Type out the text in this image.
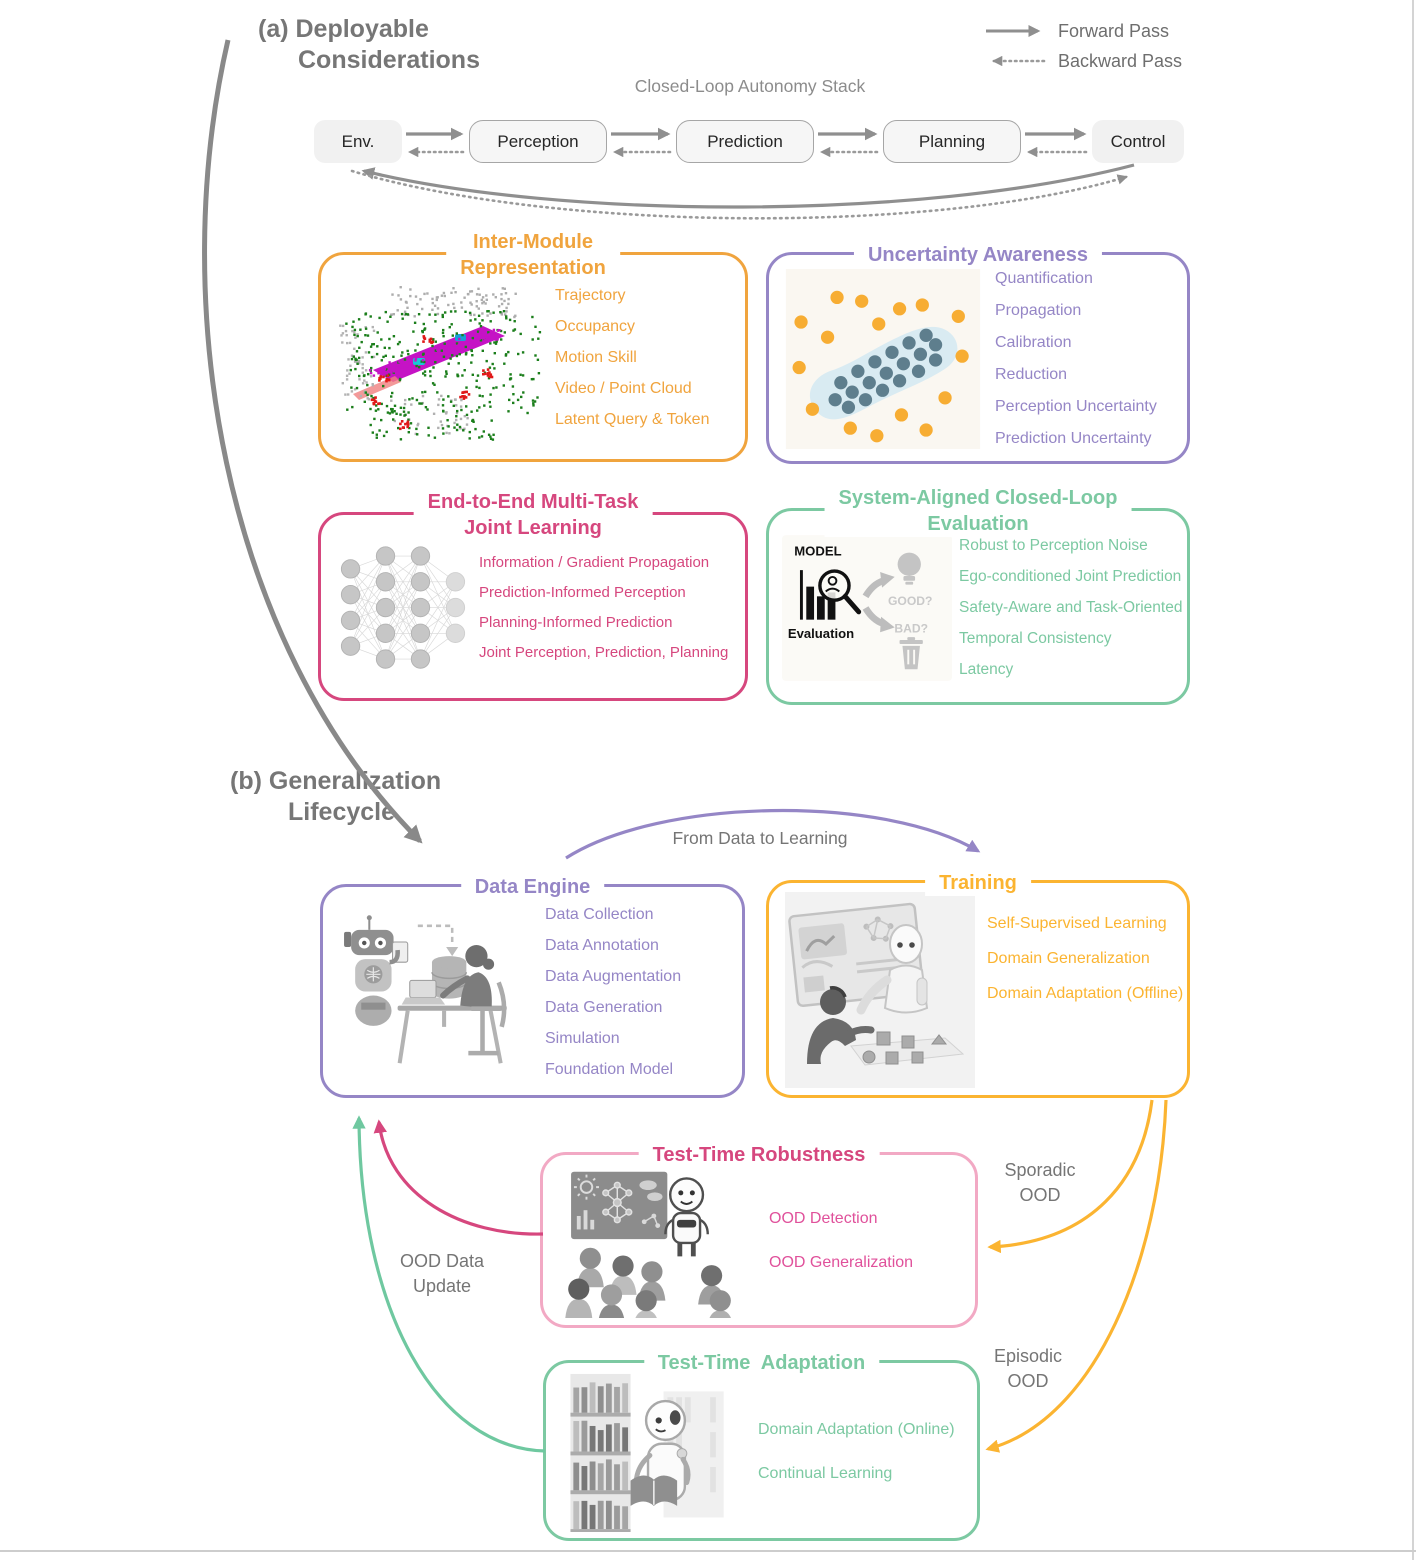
(a) Deployable
Considerations
(b) Generalization
Lifecycle
Forward Pass
Backward Pass
Closed-Loop Autonomy Stack
Env.	Perception	Prediction	Planning	Control
Inter-Module
Representation
Trajectory
Occupancy
Motion Skill
Video / Point Cloud
Latent Query & Token
Uncertainty Awareness
Quantification
Propagation
Calibration
Reduction
Perception Uncertainty
Prediction Uncertainty
End-to-End Multi-Task
Joint Learning
Information / Gradient Propagation
Prediction-Informed Perception
Planning-Informed Prediction
Joint Perception, Prediction, Planning
System-Aligned Closed-Loop
Evaluation
MODEL
Evaluation
GOOD?
BAD?
Robust to Perception Noise
Ego-conditioned Joint Prediction
Safety-Aware and Task-Oriented
Temporal Consistency
Latency
Data Engine
Data Collection
Data Annotation
Data Augmentation
Data Generation
Simulation
Foundation Model
Training
Self-Supervised Learning
Domain Generalization
Domain Adaptation (Offline)
Test-Time Robustness
OOD Detection
OOD Generalization
Test-Time  Adaptation
Domain Adaptation (Online)
Continual Learning
From Data to Learning
Sporadic
OOD
Episodic
OOD
OOD Data
Update
